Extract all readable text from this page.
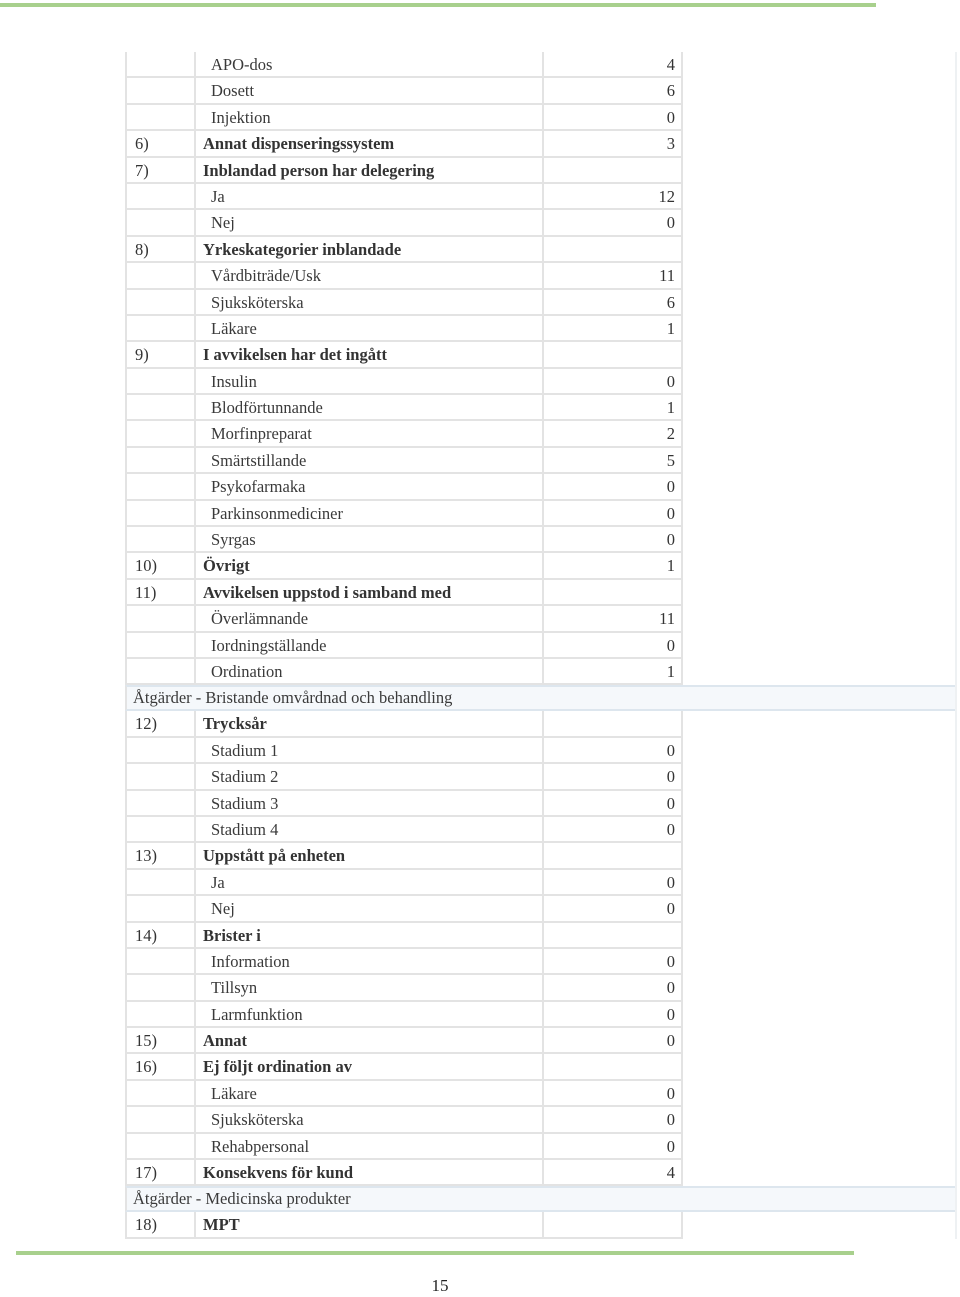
APO-dos	4
Dosett	6
Injektion	0
6)	Annat dispenseringssystem	3
7)	Inblandad person har delegering
Ja	12
Nej	0
8)	Yrkeskategorier inblandade
Vårdbiträde/Usk	11
Sjuksköterska	6
Läkare	1
9)	I avvikelsen har det ingått
Insulin	0
Blodförtunnande	1
Morfinpreparat	2
Smärtstillande	5
Psykofarmaka	0
Parkinsonmediciner	0
Syrgas	0
10)	Övrigt	1
11)	Avvikelsen uppstod i samband med
Överlämnande	11
Iordningställande	0
Ordination	1
Åtgärder - Bristande omvårdnad och behandling
12)	Trycksår
Stadium 1	0
Stadium 2	0
Stadium 3	0
Stadium 4	0
13)	Uppstått på enheten
Ja	0
Nej	0
14)	Brister i
Information	0
Tillsyn	0
Larmfunktion	0
15)	Annat	0
16)	Ej följt ordination av
Läkare	0
Sjuksköterska	0
Rehabpersonal	0
17)	Konsekvens för kund	4
Åtgärder - Medicinska produkter
18)	MPT
15
